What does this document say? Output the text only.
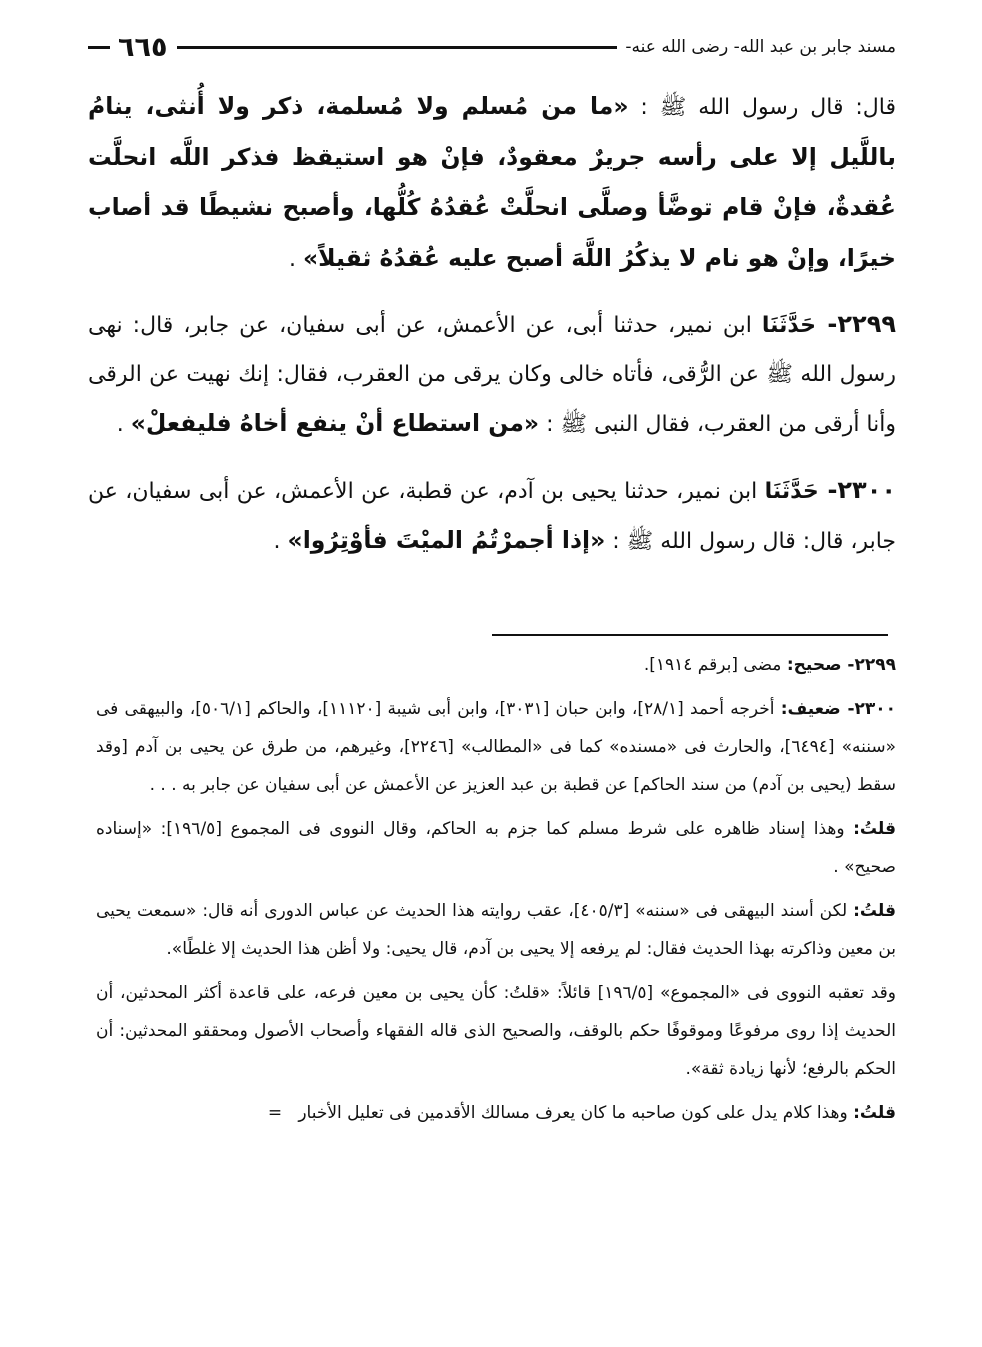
٦٦٥	مسند جابر بن عبد الله- رضى الله عنه-

قال: قال رسول الله ﷺ : «ما من مُسلم ولا مُسلمة، ذكر ولا أُنثى، ينامُ باللَّيل إلا على رأسه جريرٌ معقودٌ، فإنْ هو استيقظ فذكر اللَّه انحلَّت عُقدةٌ، فإنْ قام توضَّأ وصلَّى انحلَّتْ عُقدُهُ كُلُّها، وأصبح نشيطًا قد أصاب خيرًا، وإنْ هو نام لا يذكُرُ اللَّهَ أصبح عليه عُقدُهُ ثقيلاً» .

٢٢٩٩- حَدَّثَنَا ابن نمير، حدثنا أبى، عن الأعمش، عن أبى سفيان، عن جابر، قال: نهى رسول الله ﷺ عن الرُّقى، فأتاه خالى وكان يرقى من العقرب، فقال: إنك نهيت عن الرقى وأنا أرقى من العقرب، فقال النبى ﷺ : «من استطاع أنْ ينفع أخاهُ فليفعلْ» .

٢٣٠٠- حَدَّثَنَا ابن نمير، حدثنا يحيى بن آدم، عن قطبة، عن الأعمش، عن أبى سفيان، عن جابر، قال: قال رسول الله ﷺ : «إذا أجمرْتُمُ الميْتَ فأوْتِرُوا» .

٢٢٩٩- صحيح: مضى [برقم ١٩١٤].

٢٣٠٠- ضعيف: أخرجه أحمد [٢٨/١]، وابن حبان [٣٠٣١]، وابن أبى شيبة [١١١٢٠]، والحاكم [٥٠٦/١]، والبيهقى فى «سننه» [٦٤٩٤]، والحارث فى «مسنده» كما فى «المطالب» [٢٢٤٦]، وغيرهم، من طرق عن يحيى بن آدم [وقد سقط (يحيى بن آدم) من سند الحاكم] عن قطبة بن عبد العزيز عن الأعمش عن أبى سفيان عن جابر به . . .

قلتُ: وهذا إسناد ظاهره على شرط مسلم كما جزم به الحاكم، وقال النووى فى المجموع [١٩٦/٥]: «إسناده صحيح» .

قلتُ: لكن أسند البيهقى فى «سننه» [٤٠٥/٣]، عقب روايته هذا الحديث عن عباس الدورى أنه قال: «سمعت يحيى بن معين وذاكرته بهذا الحديث فقال: لم يرفعه إلا يحيى بن آدم، قال يحيى: ولا أظن هذا الحديث إلا غلطًا».

وقد تعقبه النووى فى «المجموع» [١٩٦/٥] قائلاً: «قلتُ: كأن يحيى بن معين فرعه، على قاعدة أكثر المحدثين، أن الحديث إذا روى مرفوعًا وموقوفًا حكم بالوقف، والصحيح الذى قاله الفقهاء وأصحاب الأصول ومحققو المحدثين: أن الحكم بالرفع؛ لأنها زيادة ثقة».

قلتُ: وهذا كلام يدل على كون صاحبه ما كان يعرف مسالك الأقدمين فى تعليل الأخبار   =
